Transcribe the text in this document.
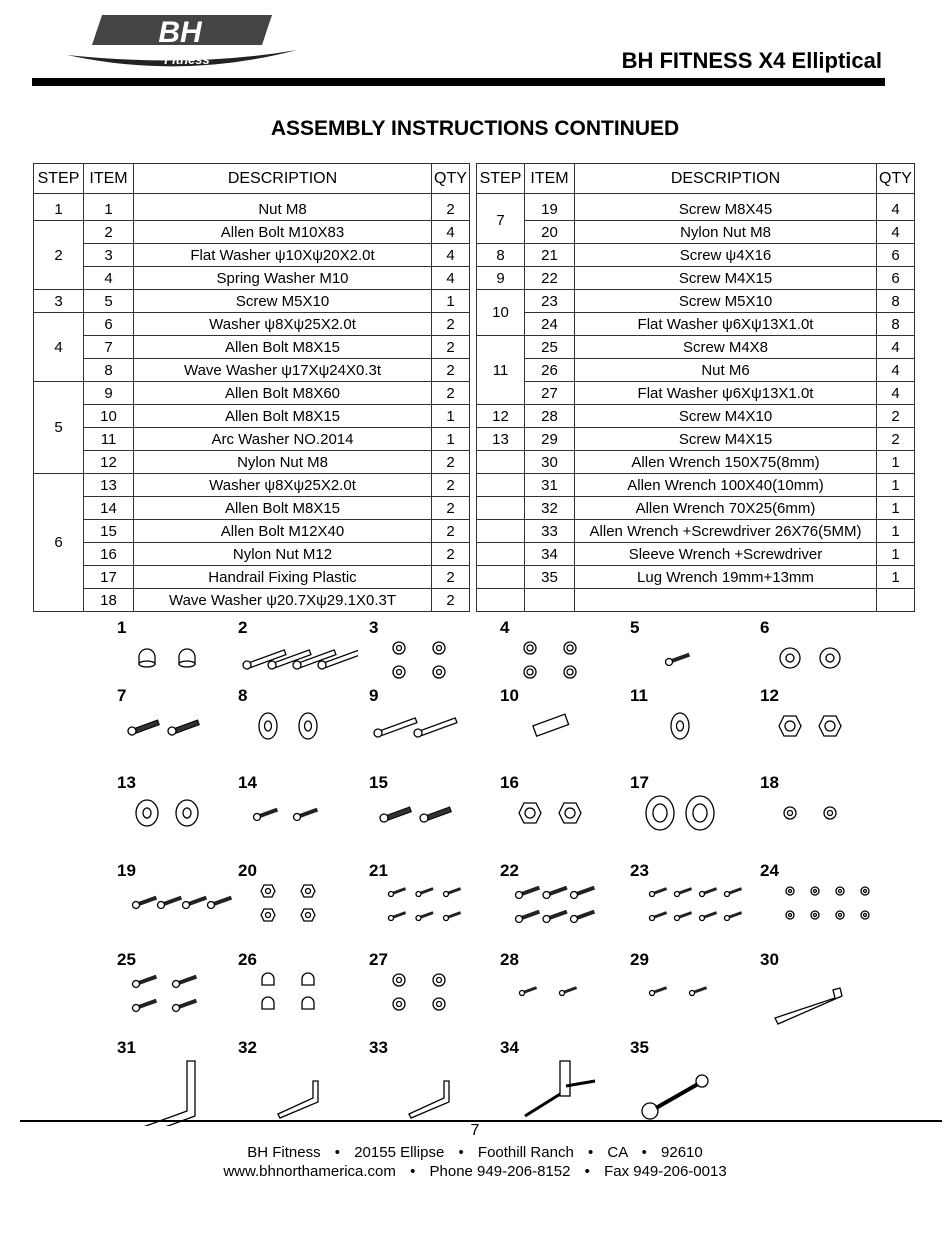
BH
Fitness	BH FITNESS X4 Elliptical
ASSEMBLY INSTRUCTIONS CONTINUED
STEP	ITEM	DESCRIPTION	QTY
1	1	Nut M8	2
2	2	Allen Bolt M10X83	4
	3	Flat Washer ψ10Xψ20X2.0t	4
	4	Spring Washer M10	4
3	5	Screw M5X10	1
4	6	Washer ψ8Xψ25X2.0t	2
	7	Allen Bolt M8X15	2
	8	Wave Washer ψ17Xψ24X0.3t	2
5	9	Allen Bolt M8X60	2
	10	Allen Bolt M8X15	1
	11	Arc Washer NO.2014	1
	12	Nylon Nut M8	2
6	13	Washer ψ8Xψ25X2.0t	2
	14	Allen Bolt M8X15	2
	15	Allen Bolt M12X40	2
	16	Nylon Nut M12	2
	17	Handrail Fixing Plastic	2
	18	Wave Washer ψ20.7Xψ29.1X0.3T	2
STEP	ITEM	DESCRIPTION	QTY
7	19	Screw M8X45	4
	20	Nylon Nut M8	4
8	21	Screw ψ4X16	6
9	22	Screw M4X15	6
10	23	Screw M5X10	8
	24	Flat Washer ψ6Xψ13X1.0t	8
11	25	Screw M4X8	4
	26	Nut M6	4
	27	Flat Washer ψ6Xψ13X1.0t	4
12	28	Screw M4X10	2
13	29	Screw M4X15	2
	30	Allen Wrench 150X75(8mm)	1
	31	Allen Wrench 100X40(10mm)	1
	32	Allen Wrench 70X25(6mm)	1
	33	Allen Wrench +Screwdriver 26X76(5MM)	1
	34	Sleeve Wrench +Screwdriver	1
	35	Lug Wrench 19mm+13mm	1

1	2	3	4	5	6
7	8	9	10	11	12
13	14	15	16	17	18
19	20	21	22	23	24
25	26	27	28	29	30
31	32	33	34	35
7
BH Fitness • 20155 Ellipse • Foothill Ranch • CA • 92610
www.bhnorthamerica.com • Phone 949-206-8152 • Fax 949-206-0013
